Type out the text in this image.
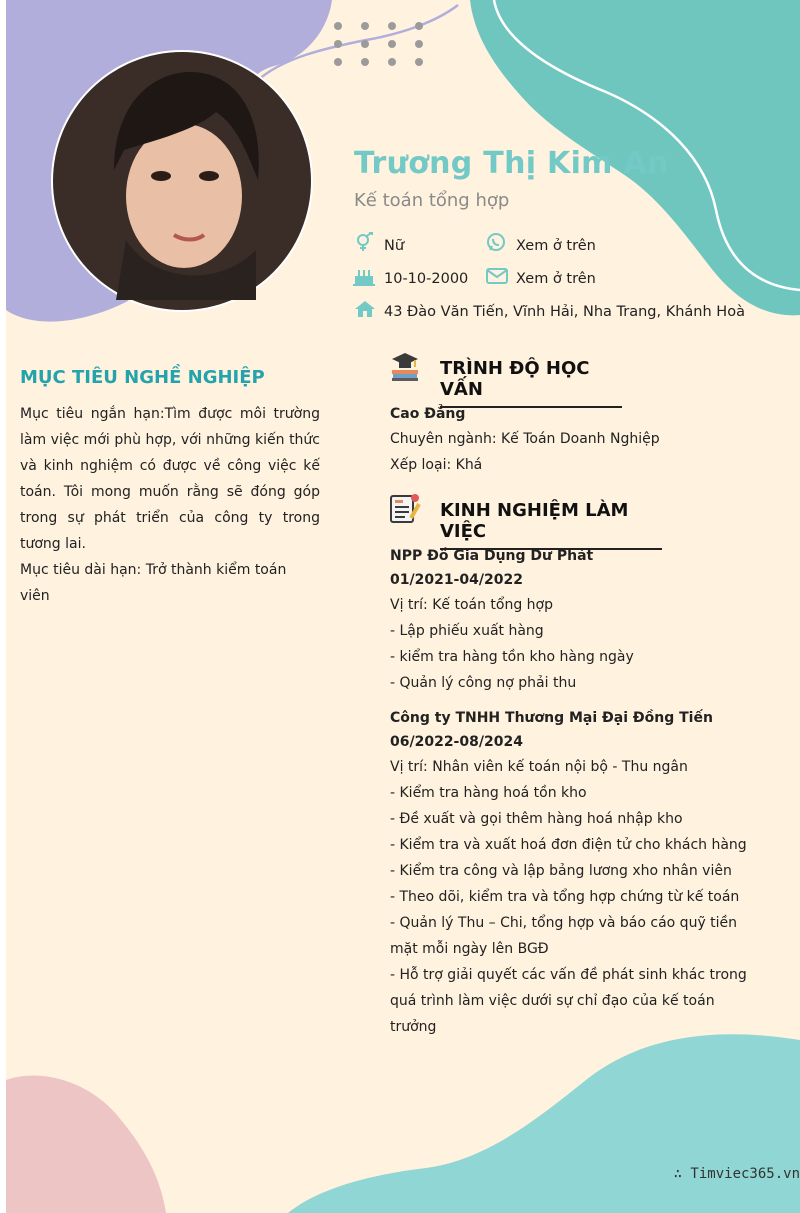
Trương Thị Kim An
Kế toán tổng hợp
Nữ	Xem ở trên
10-10-2000	Xem ở trên
43 Đào Văn Tiến, Vĩnh Hải, Nha Trang, Khánh Hoà
MỤC TIÊU NGHỀ NGHIỆP

Mục tiêu ngắn hạn:Tìm được môi trường làm việc mới phù hợp, với những kiến thức và kinh nghiệm có được về công việc kế toán. Tôi mong muốn rằng sẽ đóng góp trong sự phát triển của công ty trong tương lai.

Mục tiêu dài hạn: Trở thành kiểm toán viên

TRÌNH ĐỘ HỌC VẤN
Cao Đẳng
Chuyên ngành: Kế Toán Doanh Nghiệp
Xếp loại: Khá
KINH NGHIỆM LÀM VIỆC
NPP Đồ Gia Dụng Dư Phát
01/2021-04/2022
Vị trí: Kế toán tổng hợp
- Lập phiếu xuất hàng
- kiểm tra hàng tồn kho hàng ngày
- Quản lý công nợ phải thu
Công ty TNHH Thương Mại Đại Đồng Tiến
06/2022-08/2024
Vị trí: Nhân viên kế toán nội bộ - Thu ngân

- Kiểm tra hàng hoá tồn kho

- Đề xuất và gọi thêm hàng hoá nhập kho

- Kiểm tra và xuất hoá đơn điện tử cho khách hàng

- Kiểm tra công và lập bảng lương xho nhân viên

- Theo dõi, kiểm tra và tổng hợp chứng từ kế toán

- Quản lý Thu – Chi, tổng hợp và báo cáo quỹ tiền mặt mỗi ngày lên BGĐ

- Hỗ trợ giải quyết các vấn đề phát sinh khác trong quá trình làm việc dưới sự chỉ đạo của kế toán trưởng

∴ Timviec365.vn
